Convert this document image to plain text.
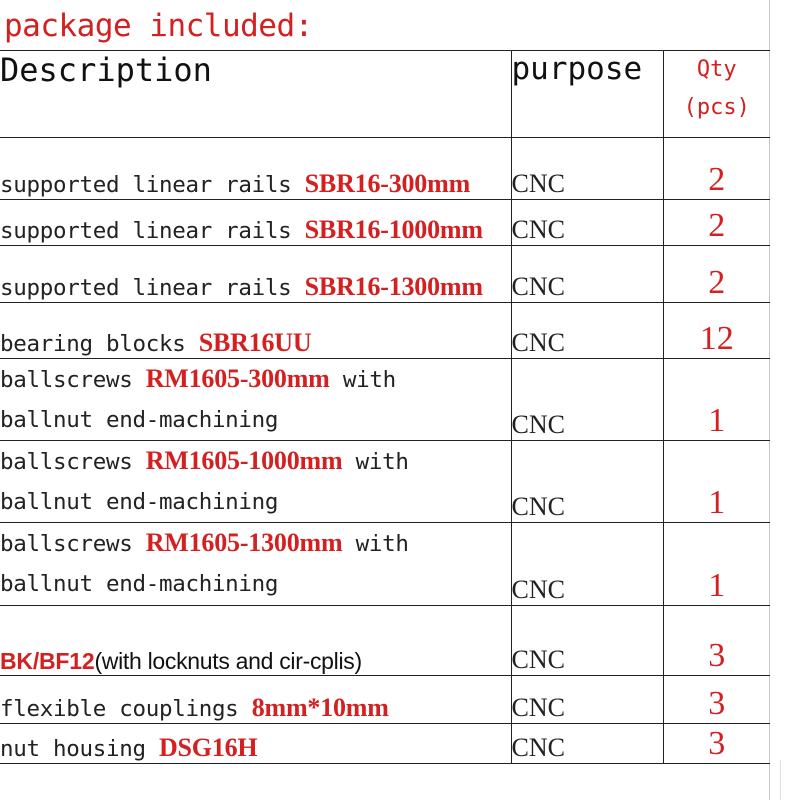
package included:
Description	purpose	Qty
(pcs)

supported linear rails SBR16-300mm	CNC	2
supported linear rails SBR16-1000mm	CNC	2
supported linear rails SBR16-1300mm	CNC	2
bearing blocks SBR16UU	CNC	12

ballscrews RM1605-300mm with
ballnut end-machining	CNC	1

ballscrews RM1605-1000mm with
ballnut end-machining	CNC	1

ballscrews RM1605-1300mm with
ballnut end-machining	CNC	1
BK/BF12(with locknuts and cir-cplis)	CNC	3
flexible couplings 8mm*10mm	CNC	3
nut housing DSG16H	CNC	3
